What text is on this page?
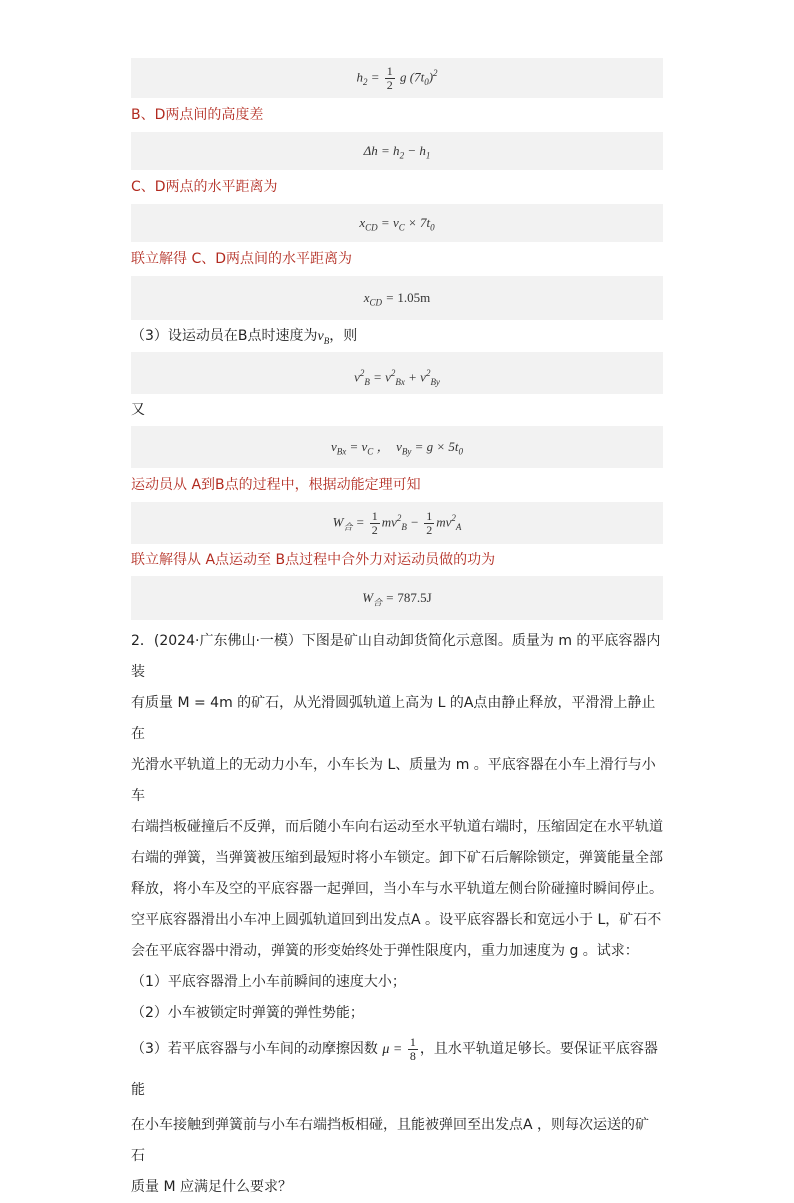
$h_2 = \frac{1}{2}$ g $(7t_0)^2$
B、D两点间的高度差
$\Delta h = h_2 - h_1$
C、D两点的水平距离为
$x_{CD} = v_C \times 7t_0$
联立解得 C、D两点间的水平距离为
$x_{CD} = 1.05m$
（3）设运动员在B点时速度为$v_B$，则
$v^2_B = v^2_{Bx} + v^2_{By}$
又
$v_{Bx} = v_C$ ，  $v_{By} = g \times 5t_0$
运动员从 A到B点的过程中，根据动能定理可知
$W_合 = \frac{1}{2} mv^2_B - \frac{1}{2} mv^2_A$
联立解得从 A点运动至 B点过程中合外力对运动员做的功为
$W_合 = 787.5J$

2．(2024·广东佛山·一模）下图是矿山自动卸货简化示意图。质量为 m 的平底容器内装

有质量 M = 4m 的矿石，从光滑圆弧轨道上高为 L 的A点由静止释放，平滑滑上静止在

光滑水平轨道上的无动力小车，小车长为 L、质量为 m 。平底容器在小车上滑行与小车

右端挡板碰撞后不反弹，而后随小车向右运动至水平轨道右端时，压缩固定在水平轨道

右端的弹簧，当弹簧被压缩到最短时将小车锁定。卸下矿石后解除锁定，弹簧能量全部

释放，将小车及空的平底容器一起弹回，当小车与水平轨道左侧台阶碰撞时瞬间停止。

空平底容器滑出小车冲上圆弧轨道回到出发点A 。设平底容器长和宽远小于 L，矿石不

会在平底容器中滑动，弹簧的形变始终处于弹性限度内，重力加速度为 g 。试求：

（1）平底容器滑上小车前瞬间的速度大小；

（2）小车被锁定时弹簧的弹性势能；

（3）若平底容器与小车间的动摩擦因数 $\mu = \frac{1}{8}$ ，且水平轨道足够长。要保证平底容器能

在小车接触到弹簧前与小车右端挡板相碰，且能被弹回至出发点A ，则每次运送的矿石

质量 M 应满足什么要求？
